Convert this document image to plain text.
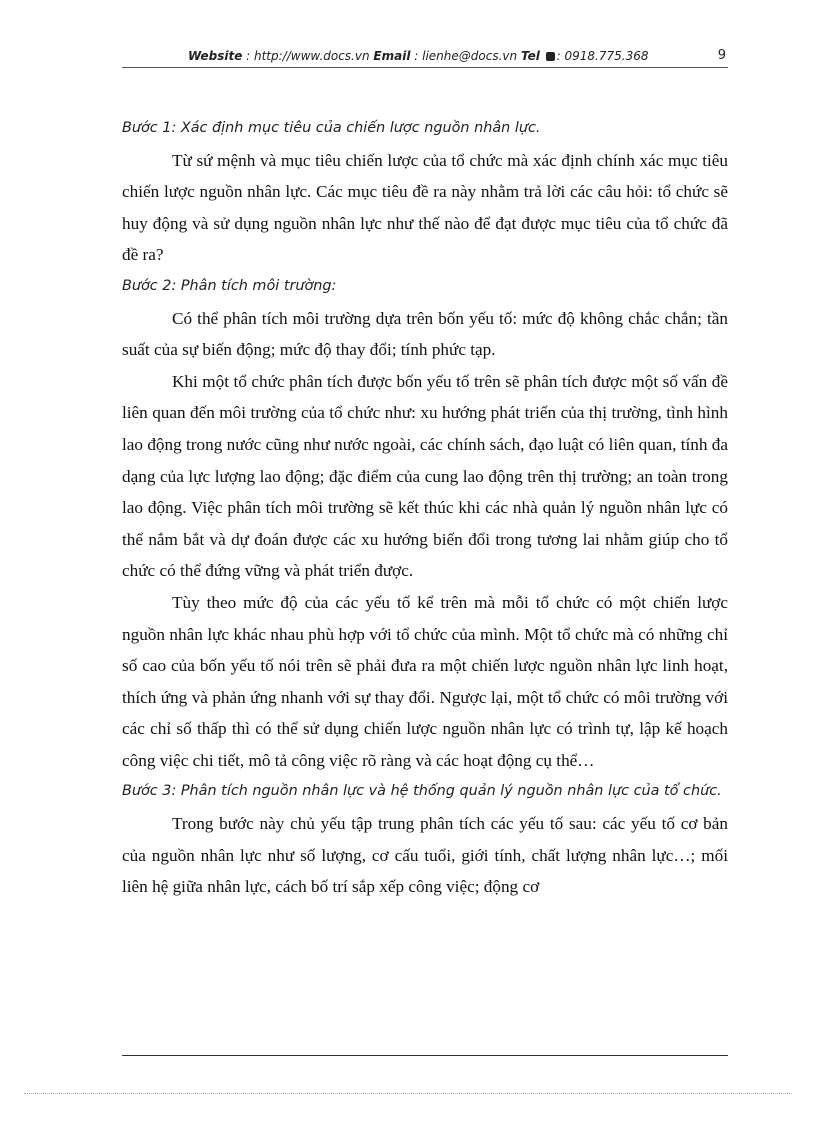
Website : http://www.docs.vn Email : lienhe@docs.vn Tel : 0918.775.368	9

Bước 1: Xác định mục tiêu của chiến lược nguồn nhân lực.

Từ sứ mệnh và mục tiêu chiến lược của tổ chức mà xác định chính xác mục tiêu chiến lược nguồn nhân lực. Các mục tiêu đề ra này nhằm trả lời các câu hỏi: tổ chức sẽ huy động và sử dụng nguồn nhân lực như thế nào để đạt được mục tiêu của tổ chức đã đề ra?

Bước 2: Phân tích môi trường:

Có thể phân tích môi trường dựa trên bốn yếu tố: mức độ không chắc chắn; tần suất của sự biến động; mức độ thay đổi; tính phức tạp.

Khi một tổ chức phân tích được bốn yếu tố trên sẽ phân tích được một số vấn đề liên quan đến môi trường của tổ chức như: xu hướng phát triển của thị trường, tình hình lao động trong nước cũng như nước ngoài, các chính sách, đạo luật có liên quan, tính đa dạng của lực lượng lao động; đặc điểm của cung lao động trên thị trường; an toàn trong lao động. Việc phân tích môi trường sẽ kết thúc khi các nhà quản lý nguồn nhân lực có thể nắm bắt và dự đoán được các xu hướng biến đổi trong tương lai nhằm giúp cho tổ chức có thể đứng vững và phát triển được.

Tùy theo mức độ của các yếu tố kể trên mà mỗi tổ chức có một chiến lược nguồn nhân lực khác nhau phù hợp với tổ chức của mình. Một tổ chức mà có những chỉ số cao của bốn yếu tố nói trên sẽ phải đưa ra một chiến lược nguồn nhân lực linh hoạt, thích ứng và phản ứng nhanh với sự thay đổi. Ngược lại, một tổ chức có môi trường với các chỉ số thấp thì có thể sử dụng chiến lược nguồn nhân lực có trình tự, lập kế hoạch công việc chi tiết, mô tả công việc rõ ràng và các hoạt động cụ thể…

Bước 3: Phân tích nguồn nhân lực và hệ thống quản lý nguồn nhân lực của tổ chức.

Trong bước này chủ yếu tập trung phân tích các yếu tố sau: các yếu tố cơ bản của nguồn nhân lực như số lượng, cơ cấu tuổi, giới tính, chất lượng nhân lực…; mối liên hệ giữa nhân lực, cách bố trí sắp xếp công việc; động cơ
